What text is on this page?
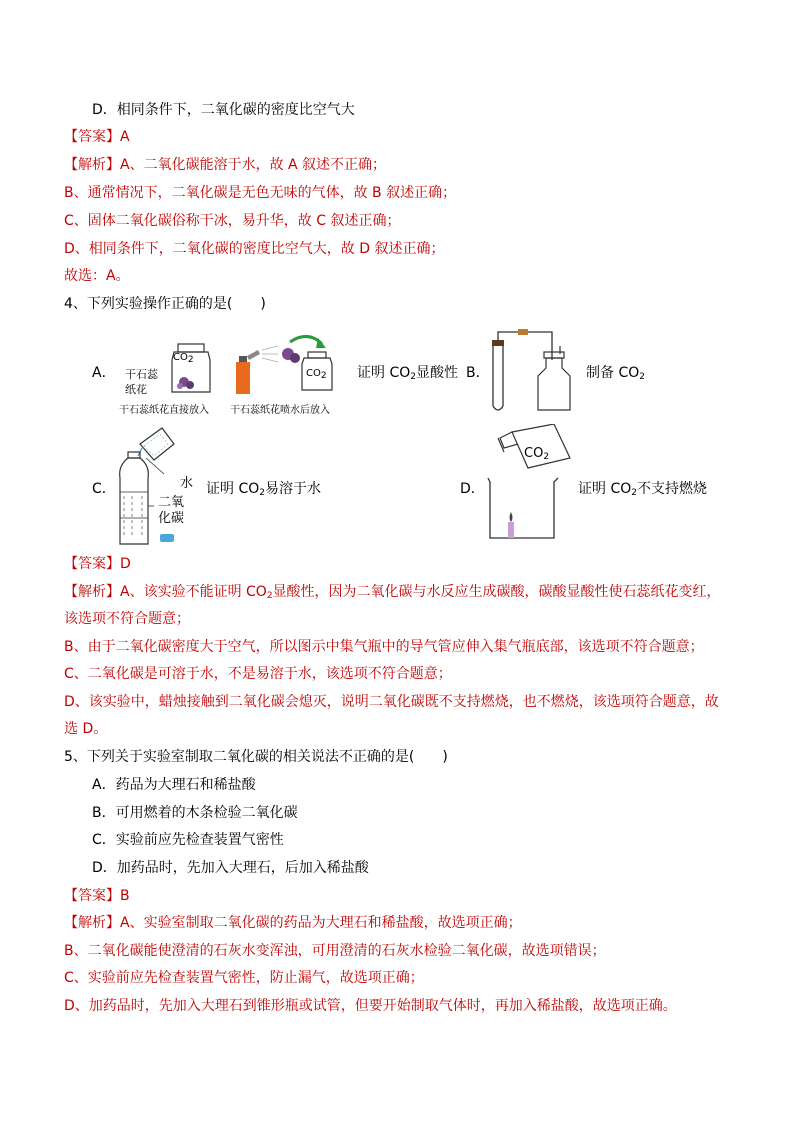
D．相同条件下，二氧化碳的密度比空气大
【答案】A
【解析】A、二氧化碳能溶于水，故 A 叙述不正确；
B、通常情况下，二氧化碳是无色无味的气体，故 B 叙述正确；
C、固体二氧化碳俗称干冰，易升华，故 C 叙述正确；
D、相同条件下，二氧化碳的密度比空气大，故 D 叙述正确；
故选：A。
4、下列实验操作正确的是(　　)
A．
$CO_2$
$CO_2$
干石蕊
纸花
干石蕊纸花直接放入 干石蕊纸花喷水后放入
证明 $CO_2$显酸性 B．	制备 $CO_2$
C．	水
二氧
化碳
证明 $CO_2$易溶于水	D．
$CO_2$
证明 $CO_2$不支持燃烧
【答案】D
【解析】A、该实验不能证明 $CO_2$显酸性，因为二氧化碳与水反应生成碳酸，碳酸显酸性使石蕊纸花变红，
该选项不符合题意；
B、由于二氧化碳密度大于空气，所以图示中集气瓶中的导气管应伸入集气瓶底部，该选项不符合题意；
C、二氧化碳是可溶于水，不是易溶于水，该选项不符合题意；
D、该实验中，蜡烛接触到二氧化碳会熄灭，说明二氧化碳既不支持燃烧，也不燃烧，该选项符合题意，故
选 D。
5、下列关于实验室制取二氧化碳的相关说法不正确的是(　　)
A．药品为大理石和稀盐酸
B．可用燃着的木条检验二氧化碳
C．实验前应先检查装置气密性
D．加药品时，先加入大理石，后加入稀盐酸
【答案】B
【解析】A、实验室制取二氧化碳的药品为大理石和稀盐酸，故选项正确；
B、二氧化碳能使澄清的石灰水变浑浊，可用澄清的石灰水检验二氧化碳，故选项错误；
C、实验前应先检查装置气密性，防止漏气，故选项正确；
D、加药品时，先加入大理石到锥形瓶或试管，但要开始制取气体时，再加入稀盐酸，故选项正确。
